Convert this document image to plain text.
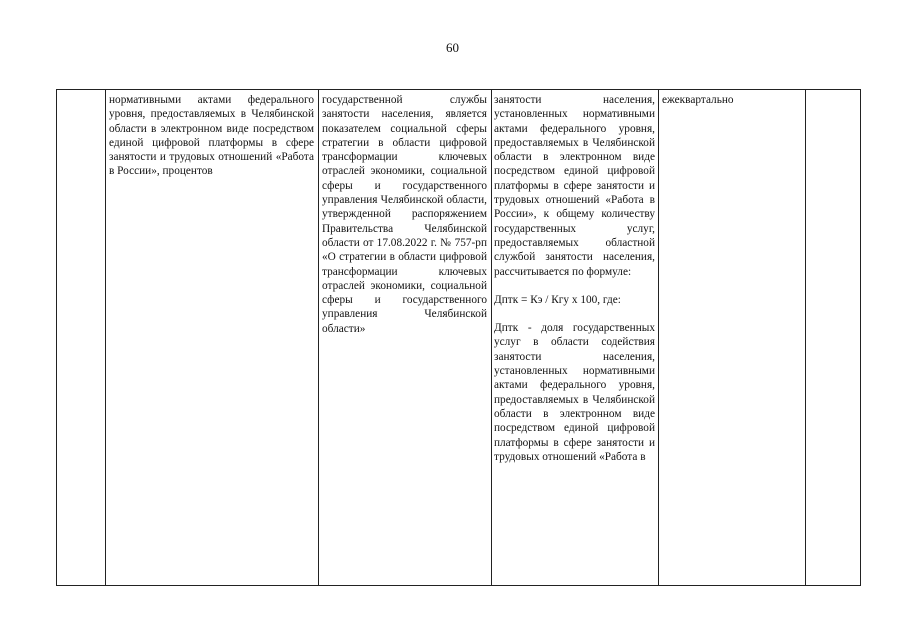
60

нормативными актами федерального уровня, предоставляемых в Челябинской области в электронном виде посредством единой цифровой платформы в сфере занятости и трудовых отношений «Работа в России», процентов

государственной службы занятости населения, является показателем социальной сферы стратегии в области цифровой трансформации ключевых отраслей экономики, социальной сферы и государственного управления Челябинской области, утвержденной распоряжением Правительства Челябинской области от 17.08.2022 г. № 757-рп «О стратегии в области цифровой трансформации ключевых отраслей экономики, социальной сферы и государственного управления Челябинской области»

занятости населения, установленных нормативными актами федерального уровня, предоставляемых в Челябинской области в электронном виде посредством единой цифровой платформы в сфере занятости и трудовых отношений «Работа в России», к общему количеству государственных услуг, предоставляемых областной службой занятости населения, рассчитывается по формуле:

Дптк = Кэ / Кгу х 100, где:

Дптк - доля государственных услуг в области содействия занятости населения, установленных нормативными актами федерального уровня, предоставляемых в Челябинской области в электронном виде посредством единой цифровой платформы в сфере занятости и трудовых отношений «Работа в

ежеквартально
